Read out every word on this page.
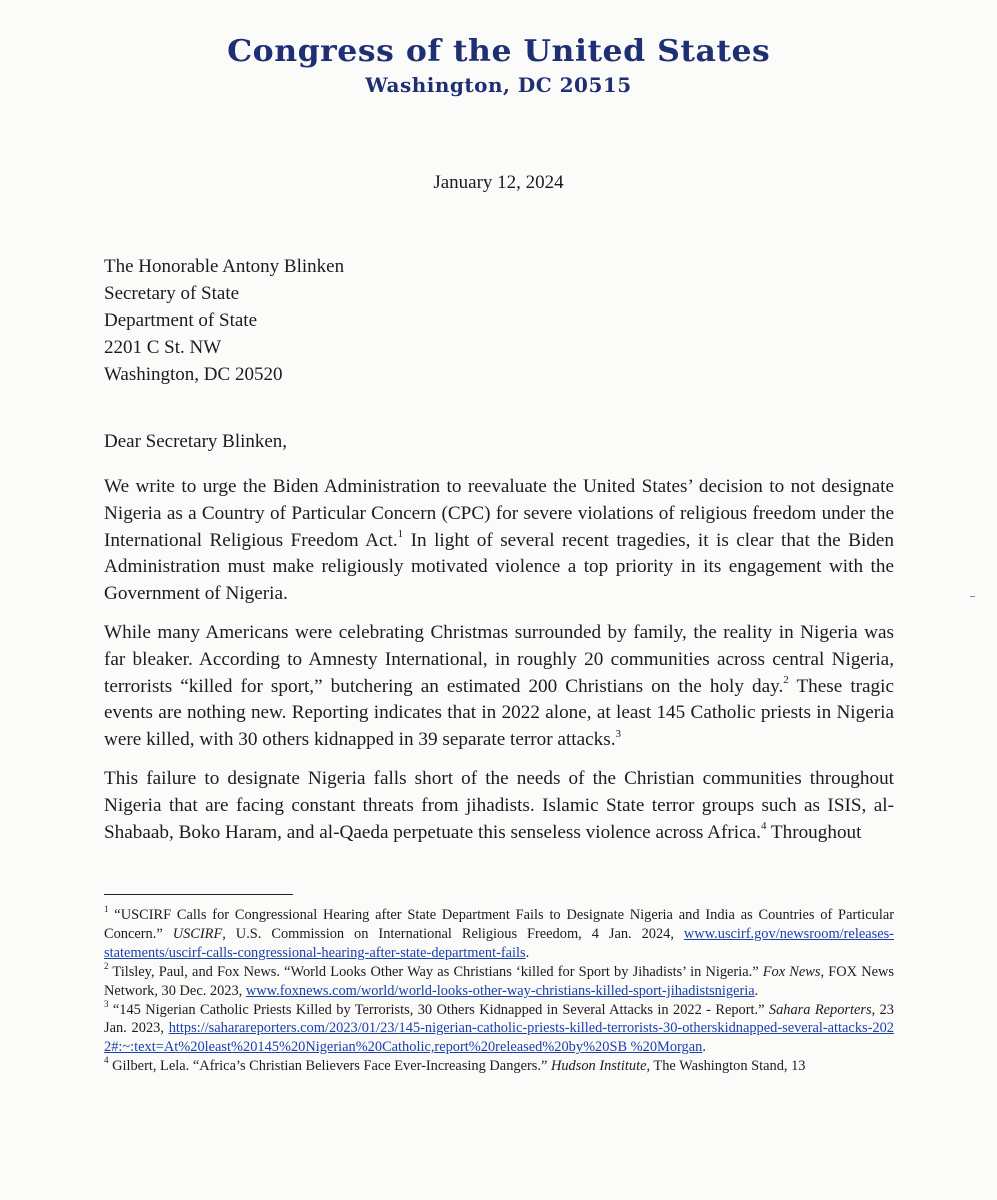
Congress of the United States
Washington, DC 20515
January 12, 2024
The Honorable Antony Blinken
Secretary of State
Department of State
2201 C St. NW
Washington, DC 20520
Dear Secretary Blinken,
We write to urge the Biden Administration to reevaluate the United States’ decision to not designate Nigeria as a Country of Particular Concern (CPC) for severe violations of religious freedom under the International Religious Freedom Act.$^1$ In light of several recent tragedies, it is clear that the Biden Administration must make religiously motivated violence a top priority in its engagement with the Government of Nigeria.
While many Americans were celebrating Christmas surrounded by family, the reality in Nigeria was far bleaker. According to Amnesty International, in roughly 20 communities across central Nigeria, terrorists “killed for sport,” butchering an estimated 200 Christians on the holy day.$^2$ These tragic events are nothing new. Reporting indicates that in 2022 alone, at least 145 Catholic priests in Nigeria were killed, with 30 others kidnapped in 39 separate terror attacks.$^3$
This failure to designate Nigeria falls short of the needs of the Christian communities throughout Nigeria that are facing constant threats from jihadists. Islamic State terror groups such as ISIS, al-Shabaab, Boko Haram, and al-Qaeda perpetuate this senseless violence across Africa.$^4$ Throughout

$^1$ “USCIRF Calls for Congressional Hearing after State Department Fails to Designate Nigeria and India as Countries of Particular Concern.” USCIRF, U.S. Commission on International Religious Freedom, 4 Jan. 2024, www.uscirf.gov/newsroom/releases-statements/uscirf-calls-congressional-hearing-after-state-department-fails.

$^2$ Tilsley, Paul, and Fox News. “World Looks Other Way as Christians ‘killed for Sport by Jihadists’ in Nigeria.” Fox News, FOX News Network, 30 Dec. 2023, www.foxnews.com/world/world-looks-other-way-christians-killed-sport-jihadistsnigeria.

$^3$ “145 Nigerian Catholic Priests Killed by Terrorists, 30 Others Kidnapped in Several Attacks in 2022 - Report.” Sahara Reporters, 23 Jan. 2023, https://saharareporters.com/2023/01/23/145-nigerian-catholic-priests-killed-terrorists-30-otherskidnapped-several-attacks-2022#:~:text=At%20least%20145%20Nigerian%20Catholic,report%20released%20by%20SB %20Morgan.

$^4$ Gilbert, Lela. “Africa’s Christian Believers Face Ever-Increasing Dangers.” Hudson Institute, The Washington Stand, 13
